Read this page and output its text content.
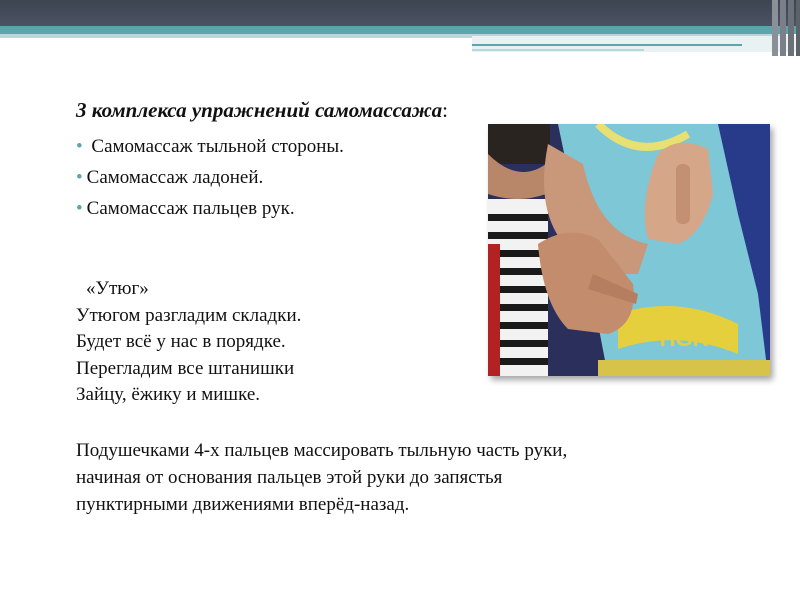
3 комплекса упражнений самомассажа:
• Самомассаж тыльной стороны.
• Самомассаж ладоней.
• Самомассаж пальцев рук.
«Утюг»
Утюгом разгладим складки.
Будет всё у нас в порядке.
Перегладим все штанишки
Зайцу, ёжику и мишке.
Подушечками 4-х пальцев массировать тыльную часть руки,
начиная от основания пальцев этой руки до запястья
пунктирными движениями вперёд-назад.
TIGR
